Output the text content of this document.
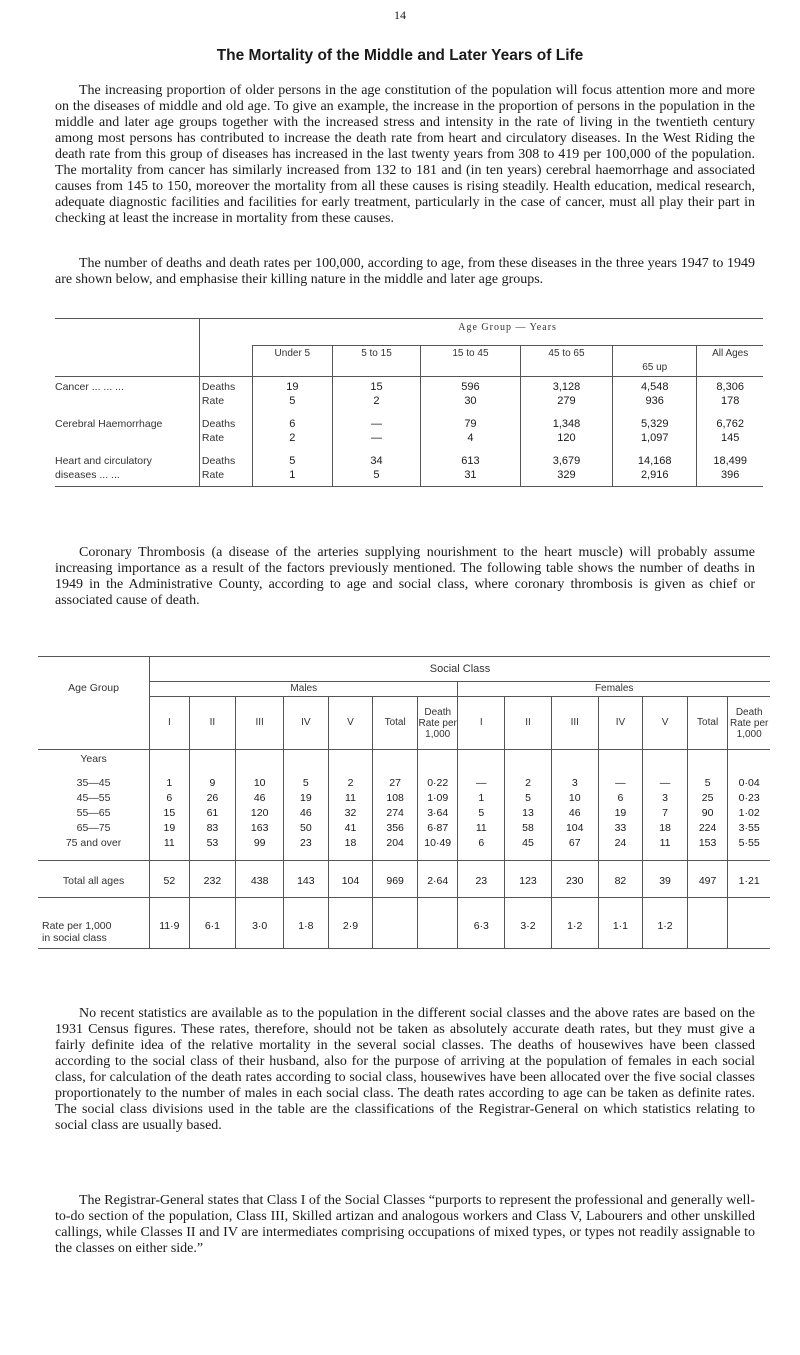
14
The Mortality of the Middle and Later Years of Life

The increasing proportion of older persons in the age constitution of the population will focus attention more and more on the diseases of middle and old age. To give an example, the increase in the proportion of persons in the population in the middle and later age groups together with the increased stress and intensity in the rate of living in the twentieth century among most persons has contributed to increase the death rate from heart and circulatory diseases. In the West Riding the death rate from this group of diseases has increased in the last twenty years from 308 to 419 per 100,000 of the population. The mortality from cancer has similarly increased from 132 to 181 and (in ten years) cerebral haemorrhage and associated causes from 145 to 150, moreover the mortality from all these causes is rising steadily. Health education, medical research, adequate diagnostic facilities and facilities for early treatment, particularly in the case of cancer, must all play their part in checking at least the increase in mortality from these causes.

The number of deaths and death rates per 100,000, according to age, from these diseases in the three years 1947 to 1949 are shown below, and emphasise their killing nature in the middle and later age groups.

		Age Group — Years					
		Under 5	5 to 15	15 to 45	45 to 65	65 up	All Ages
Cancer ... ... ...	Deaths	19	15	596	3,128	4,548	8,306
	Rate	5	2	30	279	936	178
Cerebral Haemorrhage	Deaths	6	—	79	1,348	5,329	6,762
	Rate	2	—	4	120	1,097	145
Heart and circulatory	Deaths	5	34	613	3,679	14,168	18,499
diseases ... ...	Rate	1	5	31	329	2,916	396

Coronary Thrombosis (a disease of the arteries supplying nourishment to the heart muscle) will probably assume increasing importance as a result of the factors previously mentioned. The following table shows the number of deaths in 1949 in the Administrative County, according to age and social class, where coronary thrombosis is given as chief or associated cause of death.

	Social Class													
Age Group	Males							Females						
	I	II	III	IV	V	Total	Death Rate per 1,000	I	II	III	IV	V	Total	Death Rate per 1,000
Years														
35—45	1	9	10	5	2	27	0·22	—	2	3	—	—	5	0·04
45—55	6	26	46	19	11	108	1·09	1	5	10	6	3	25	0·23
55—65	15	61	120	46	32	274	3·64	5	13	46	19	7	90	1·02
65—75	19	83	163	50	41	356	6·87	11	58	104	33	18	224	3·55
75 and over	11	53	99	23	18	204	10·49	6	45	67	24	11	153	5·55
Total all ages	52	232	438	143	104	969	2·64	23	123	230	82	39	497	1·21
Rate per 1,000
in social class	11·9	6·1	3·0	1·8	2·9			6·3	3·2	1·2	1·1	1·2		

No recent statistics are available as to the population in the different social classes and the above rates are based on the 1931 Census figures. These rates, therefore, should not be taken as absolutely accurate death rates, but they must give a fairly definite idea of the relative mortality in the several social classes. The deaths of housewives have been classed according to the social class of their husband, also for the purpose of arriving at the population of females in each social class, for calculation of the death rates according to social class, housewives have been allocated over the five social classes proportionately to the number of males in each social class. The death rates according to age can be taken as definite rates. The social class divisions used in the table are the classifications of the Registrar-General on which statistics relating to social class are usually based.

The Registrar-General states that Class I of the Social Classes “purports to represent the professional and generally well-to-do section of the population, Class III, Skilled artizan and analogous workers and Class V, Labourers and other unskilled callings, while Classes II and IV are intermediates comprising occupations of mixed types, or types not readily assignable to the classes on either side.”
